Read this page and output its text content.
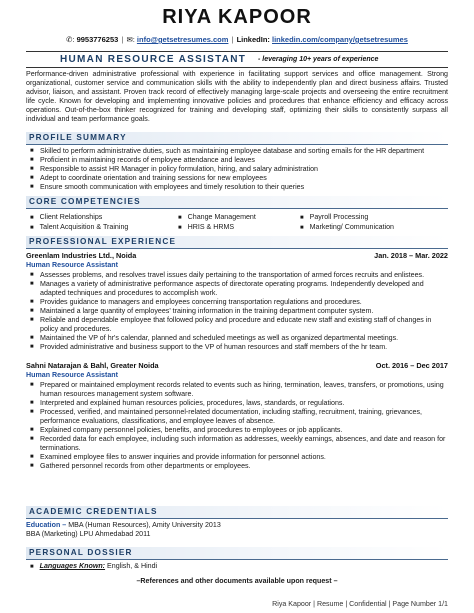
RIYA KAPOOR
✆: 9953776253 | ✉: info@getsetresumes.com | LinkedIn: linkedin.com/company/getsetresumes
HUMAN RESOURCE ASSISTANT - leveraging 10+ years of experience
Performance-driven administrative professional with experience in facilitating support services and office management. Strong organizational, customer service and communication skills with the ability to independently plan and direct business affairs. Trusted advisor, liaison, and assistant. Proven track record of effectively managing large-scale projects and overseeing the entire recruitment life cycle. Known for developing and implementing innovative policies and procedures that enhance efficiency and efficacy across operations. Out-of-the-box thinker recognized for training and developing staff, optimizing their skills to consistently surpass all individual and team performance goals.
PROFILE SUMMARY
■ Skilled to perform administrative duties, such as maintaining employee database and sorting emails for the HR department
■ Proficient in maintaining records of employee attendance and leaves
■ Responsible to assist HR Manager in policy formulation, hiring, and salary administration
■ Adept to coordinate orientation and training sessions for new employees
■ Ensure smooth communication with employees and timely resolution to their queries
CORE COMPETENCIES
■ Client Relationships	■ Change Management	■ Payroll Processing
■ Talent Acquisition & Training	■ HRIS & HRMS	■ Marketing/ Communication
PROFESSIONAL EXPERIENCE
Greenlam Industries Ltd., Noida	Jan. 2018 – Mar. 2022
Human Resource Assistant
■ Assesses problems, and resolves travel issues daily pertaining to the transportation of armed forces recruits and enlistees.
■ Manages a variety of administrative performance aspects of directorate operating programs. Independently developed and adapted techniques and procedures to accomplish work.
■ Provides guidance to managers and employees concerning transportation regulations and procedures.
■ Maintained a large quantity of employees' training information in the training department computer system.
■ Reliable and dependable employee that followed policy and procedure and educate new staff and existing staff of changes in policy and procedures.
■ Maintained the VP of hr's calendar, planned and scheduled meetings as well as organized departmental meetings.
■ Provided administrative and business support to the VP of human resources and staff members of the hr team.
Sahni Natarajan & Bahl, Greater Noida	Oct. 2016 – Dec 2017
Human Resource Assistant
■ Prepared or maintained employment records related to events such as hiring, termination, leaves, transfers, or promotions, using human resources management system software.
■ Interpreted and explained human resources policies, procedures, laws, standards, or regulations.
■ Processed, verified, and maintained personnel-related documentation, including staffing, recruitment, training, grievances, performance evaluations, classifications, and employee leaves of absence.
■ Explained company personnel policies, benefits, and procedures to employees or job applicants.
■ Recorded data for each employee, including such information as addresses, weekly earnings, absences, and date and reason for terminations.
■ Examined employee files to answer inquiries and provide information for personnel actions.
■ Gathered personnel records from other departments or employees.
ACADEMIC CREDENTIALS
Education – MBA (Human Resources), Amity University 2013
BBA (Marketing) LPU Ahmedabad 2011
PERSONAL DOSSIER
■ Languages Known: English, & Hindi
–References and other documents available upon request –
Riya Kapoor | Resume | Confidential | Page Number 1/1
